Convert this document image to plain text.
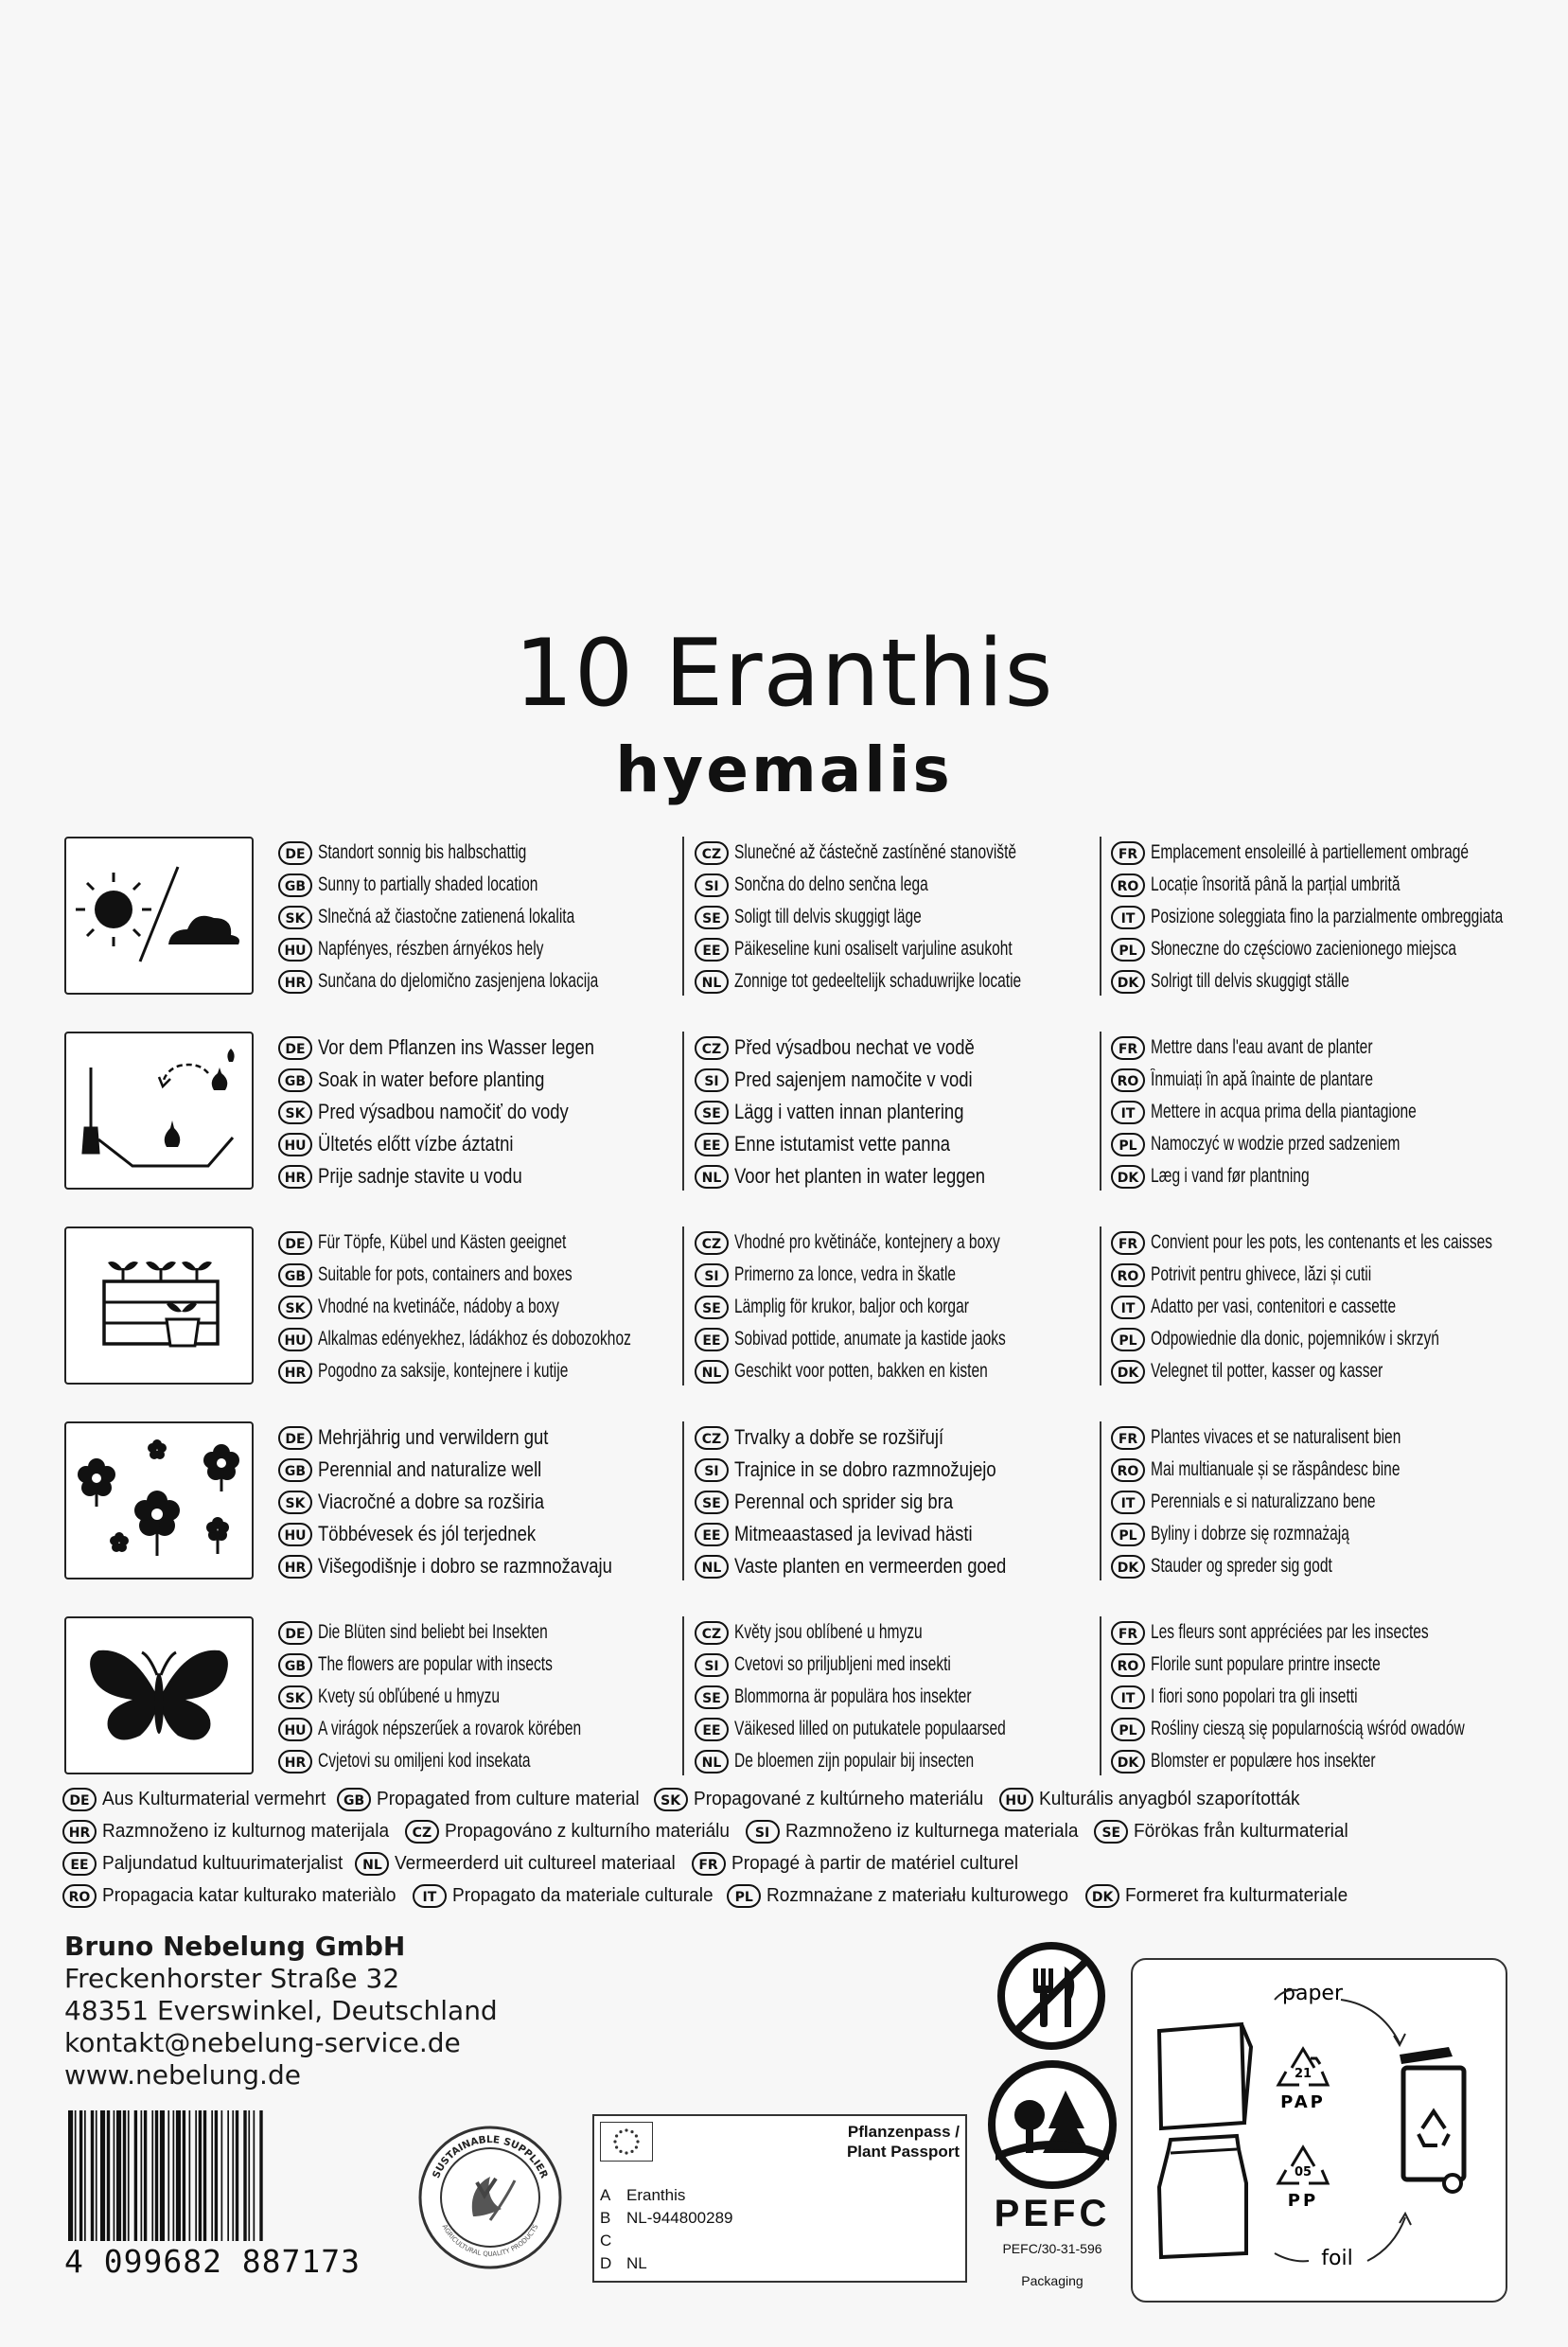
10 Eranthis
hyemalis
DE Standort sonnig bis halbschattig
GB Sunny to partially shaded location
SK Slnečná až čiastočne zatienená lokalita
HU Napfényes, részben árnyékos hely
HR Sunčana do djelomično zasjenjena lokacija
CZ Slunečné až částečně zastíněné stanoviště
SI Sončna do delno senčna lega
SE Soligt till delvis skuggigt läge
EE Päikeseline kuni osaliselt varjuline asukoht
NL Zonnige tot gedeeltelijk schaduwrijke locatie
FR Emplacement ensoleillé à partiellement ombragé
RO Locație însorită până la parțial umbrită
IT Posizione soleggiata fino la parzialmente ombreggiata
PL Słoneczne do częściowo zacienionego miejsca
DK Solrigt till delvis skuggigt ställe
DE Vor dem Pflanzen ins Wasser legen
GB Soak in water before planting
SK Pred výsadbou namočiť do vody
HU Ültetés előtt vízbe áztatni
HR Prije sadnje stavite u vodu
CZ Před výsadbou nechat ve vodě
SI Pred sajenjem namočite v vodi
SE Lägg i vatten innan plantering
EE Enne istutamist vette panna
NL Voor het planten in water leggen
FR Mettre dans l'eau avant de planter
RO Înmuiați în apă înainte de plantare
IT Mettere in acqua prima della piantagione
PL Namoczyć w wodzie przed sadzeniem
DK Læg i vand før plantning
DE Für Töpfe, Kübel und Kästen geeignet
GB Suitable for pots, containers and boxes
SK Vhodné na kvetináče, nádoby a boxy
HU Alkalmas edényekhez, ládákhoz és dobozokhoz
HR Pogodno za saksije, kontejnere i kutije
CZ Vhodné pro květináče, kontejnery a boxy
SI Primerno za lonce, vedra in škatle
SE Lämplig för krukor, baljor och korgar
EE Sobivad pottide, anumate ja kastide jaoks
NL Geschikt voor potten, bakken en kisten
FR Convient pour les pots, les contenants et les caisses
RO Potrivit pentru ghivece, lăzi și cutii
IT Adatto per vasi, contenitori e cassette
PL Odpowiednie dla donic, pojemników i skrzyń
DK Velegnet til potter, kasser og kasser
DE Mehrjährig und verwildern gut
GB Perennial and naturalize well
SK Viacročné a dobre sa rozširia
HU Többévesek és jól terjednek
HR Višegodišnje i dobro se razmnožavaju
CZ Trvalky a dobře se rozšiřují
SI Trajnice in se dobro razmnožujejo
SE Perennal och sprider sig bra
EE Mitmeaastased ja levivad hästi
NL Vaste planten en vermeerden goed
FR Plantes vivaces et se naturalisent bien
RO Mai multianuale și se răspândesc bine
IT Perennials e si naturalizzano bene
PL Byliny i dobrze się rozmnażają
DK Stauder og spreder sig godt
DE Die Blüten sind beliebt bei Insekten
GB The flowers are popular with insects
SK Kvety sú obľúbené u hmyzu
HU A virágok népszerűek a rovarok körében
HR Cvjetovi su omiljeni kod insekata
CZ Květy jsou oblíbené u hmyzu
SI Cvetovi so priljubljeni med insekti
SE Blommorna är populära hos insekter
EE Väikesed lilled on putukatele populaarsed
NL De bloemen zijn populair bij insecten
FR Les fleurs sont appréciées par les insectes
RO Florile sunt populare printre insecte
IT I fiori sono popolari tra gli insetti
PL Rośliny cieszą się popularnością wśród owadów
DK Blomster er populære hos insekter
DE Aus Kulturmaterial vermehrt	GB Propagated from culture material	SK Propagované z kultúrneho materiálu	HU Kulturális anyagból szaporították
HR Razmnoženo iz kulturnog materijala	CZ Propagováno z kulturního materiálu	SI Razmnoženo iz kulturnega materiala	SE Förökas från kulturmaterial
EE Paljundatud kultuurimaterjalist	NL Vermeerderd uit cultureel materiaal	FR Propagé à partir de matériel culturel
RO Propagacia katar kulturako materiàlo	IT Propagato da materiale culturale	PL Rozmnażane z materiału kulturowego	DK Formeret fra kulturmateriale
Bruno Nebelung GmbH
Freckenhorster Straße 32
48351 Everswinkel, Deutschland
kontakt@nebelung-service.de
www.nebelung.de
4 099682 887173
SUSTAINABLE SUPPLIER
AGRICULTURAL QUALITY PRODUCTS
Pflanzenpass /
Plant Passport
A Eranthis
B NL-944800289
C
D NL
PEFC
PEFC/30-31-596
Packaging
paper
foil
21
PAP
05
PP
